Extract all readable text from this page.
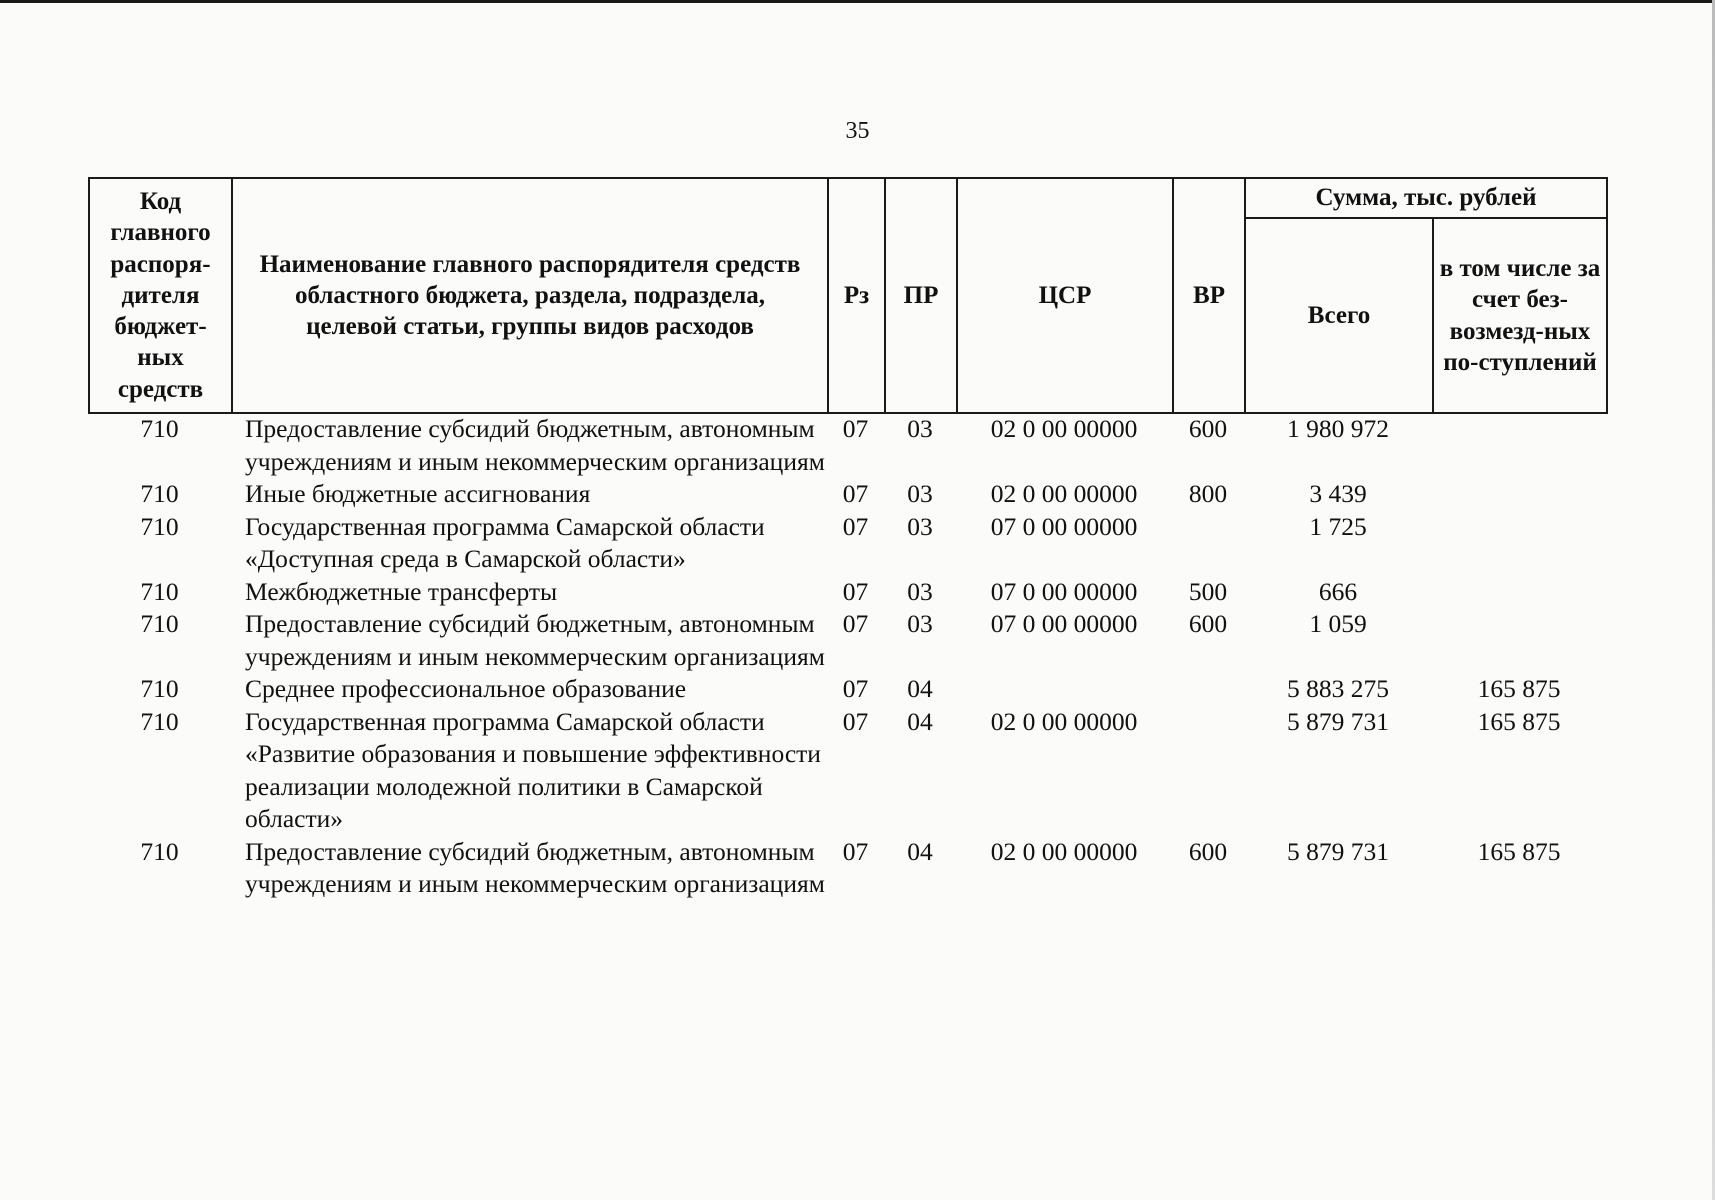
35
Код главного распоря-дителя бюджет-ных средств	Наименование главного распорядителя средств областного бюджета, раздела, подраздела, целевой статьи, группы видов расходов	Рз	ПР	ЦСР	ВР	Сумма, тыс. рублей	
						Всего	в том числе за счет без-возмезд-ных по-ступлений
710	Предоставление субсидий бюджетным, автономным учреждениям и иным некоммерческим организациям	07	03	02 0 00 00000	600	1 980 972	
710	Иные бюджетные ассигнования	07	03	02 0 00 00000	800	3 439	
710	Государственная программа Самарской области «Доступная среда в Самарской области»	07	03	07 0 00 00000		1 725	
710	Межбюджетные трансферты	07	03	07 0 00 00000	500	666	
710	Предоставление субсидий бюджетным, автономным учреждениям и иным некоммерческим организациям	07	03	07 0 00 00000	600	1 059	
710	Среднее профессиональное образование	07	04			5 883 275	165 875
710	Государственная программа Самарской области «Развитие образования и повышение эффективности реализации молодежной политики в Самарской области»	07	04	02 0 00 00000		5 879 731	165 875
710	Предоставление субсидий бюджетным, автономным учреждениям и иным некоммерческим организациям	07	04	02 0 00 00000	600	5 879 731	165 875
